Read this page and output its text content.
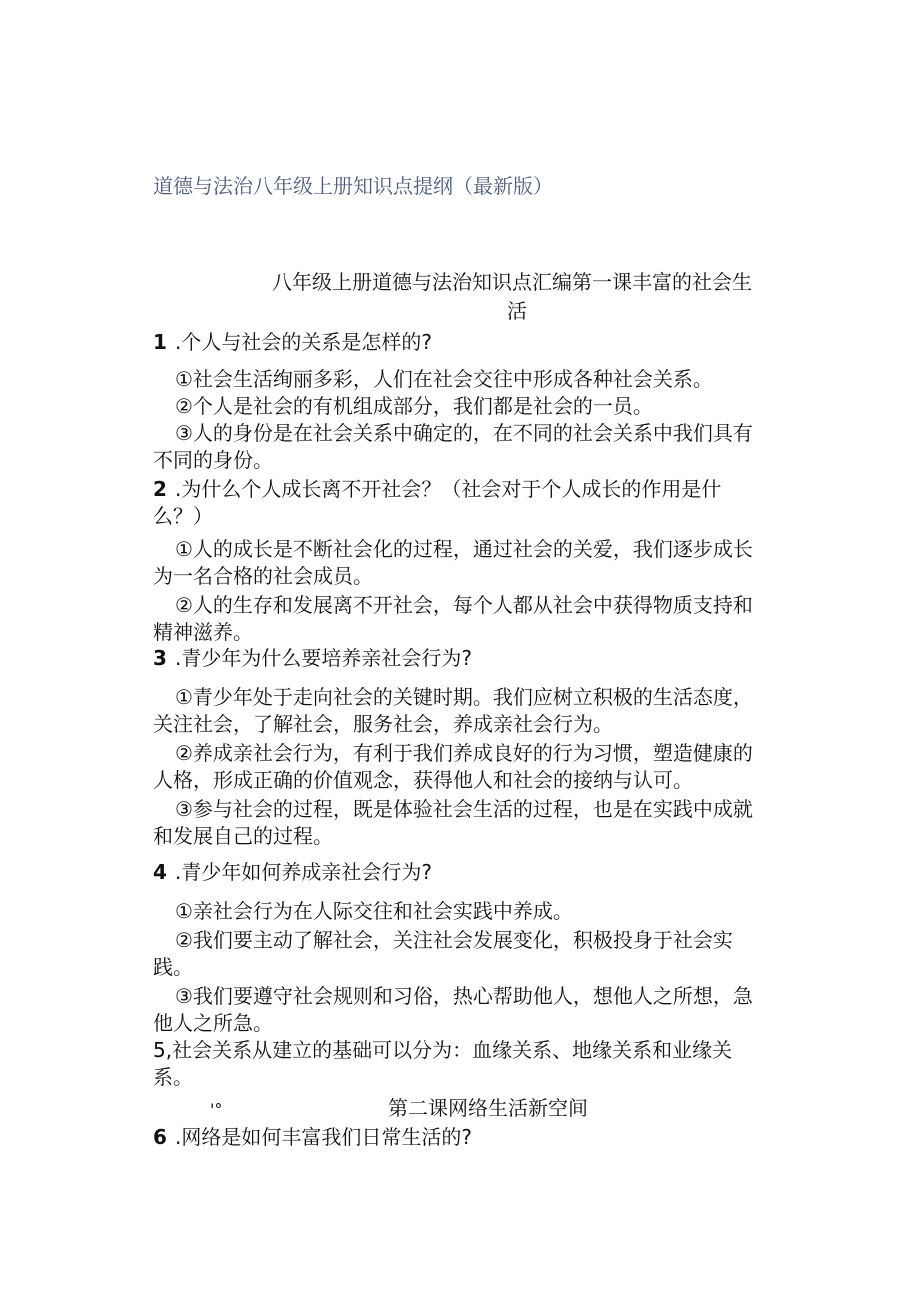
道德与法治八年级上册知识点提纲（最新版）
八年级上册道德与法治知识点汇编第一课丰富的社会生
活
1 .个人与社会的关系是怎样的?
①社会生活绚丽多彩，人们在社会交往中形成各种社会关系。
②个人是社会的有机组成部分，我们都是社会的一员。
③人的身份是在社会关系中确定的，在不同的社会关系中我们具有不同的身份。
2 .为什么个人成长离不开社会？（社会对于个人成长的作用是什么？）
①人的成长是不断社会化的过程，通过社会的关爱，我们逐步成长为一名合格的社会成员。
②人的生存和发展离不开社会，每个人都从社会中获得物质支持和精神滋养。
3 .青少年为什么要培养亲社会行为?
①青少年处于走向社会的关键时期。我们应树立积极的生活态度，关注社会，了解社会，服务社会，养成亲社会行为。
②养成亲社会行为，有利于我们养成良好的行为习惯，塑造健康的人格，形成正确的价值观念，获得他人和社会的接纳与认可。
③参与社会的过程，既是体验社会生活的过程，也是在实践中成就和发展自己的过程。
4 .青少年如何养成亲社会行为?
①亲社会行为在人际交往和社会实践中养成。
②我们要主动了解社会，关注社会发展变化，积极投身于社会实践。
③我们要遵守社会规则和习俗，热心帮助他人，想他人之所想，急他人之所急。
5,社会关系从建立的基础可以分为：血缘关系、地缘关系和业缘关系。
'°	第二课网络生活新空间
6 .网络是如何丰富我们日常生活的?
